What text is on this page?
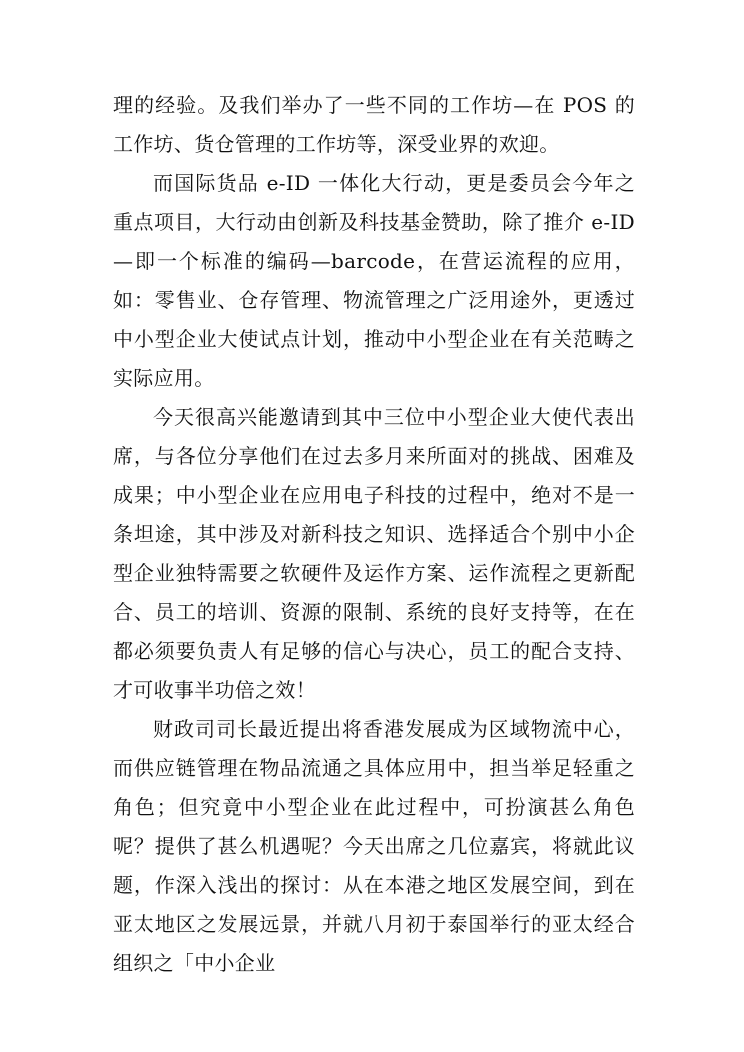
理的经验。及我们举办了一些不同的工作坊—在 POS 的工作坊、货仓管理的工作坊等，深受业界的欢迎。

而国际货品 e-ID 一体化大行动，更是委员会今年之重点项目，大行动由创新及科技基金赞助，除了推介 e-ID—即一个标准的编码—barcode，在营运流程的应用，如：零售业、仓存管理、物流管理之广泛用途外，更透过中小型企业大使试点计划，推动中小型企业在有关范畴之实际应用。

今天很高兴能邀请到其中三位中小型企业大使代表出席，与各位分享他们在过去多月来所面对的挑战、困难及成果；中小型企业在应用电子科技的过程中，绝对不是一条坦途，其中涉及对新科技之知识、选择适合个别中小企型企业独特需要之软硬件及运作方案、运作流程之更新配合、员工的培训、资源的限制、系统的良好支持等，在在都必须要负责人有足够的信心与决心，员工的配合支持、才可收事半功倍之效！

财政司司长最近提出将香港发展成为区域物流中心，而供应链管理在物品流通之具体应用中，担当举足轻重之角色；但究竟中小型企业在此过程中，可扮演甚么角色呢？提供了甚么机遇呢？今天出席之几位嘉宾，将就此议题，作深入浅出的探讨：从在本港之地区发展空间，到在亚太地区之发展远景，并就八月初于泰国举行的亚太经合组织之「中小企业
